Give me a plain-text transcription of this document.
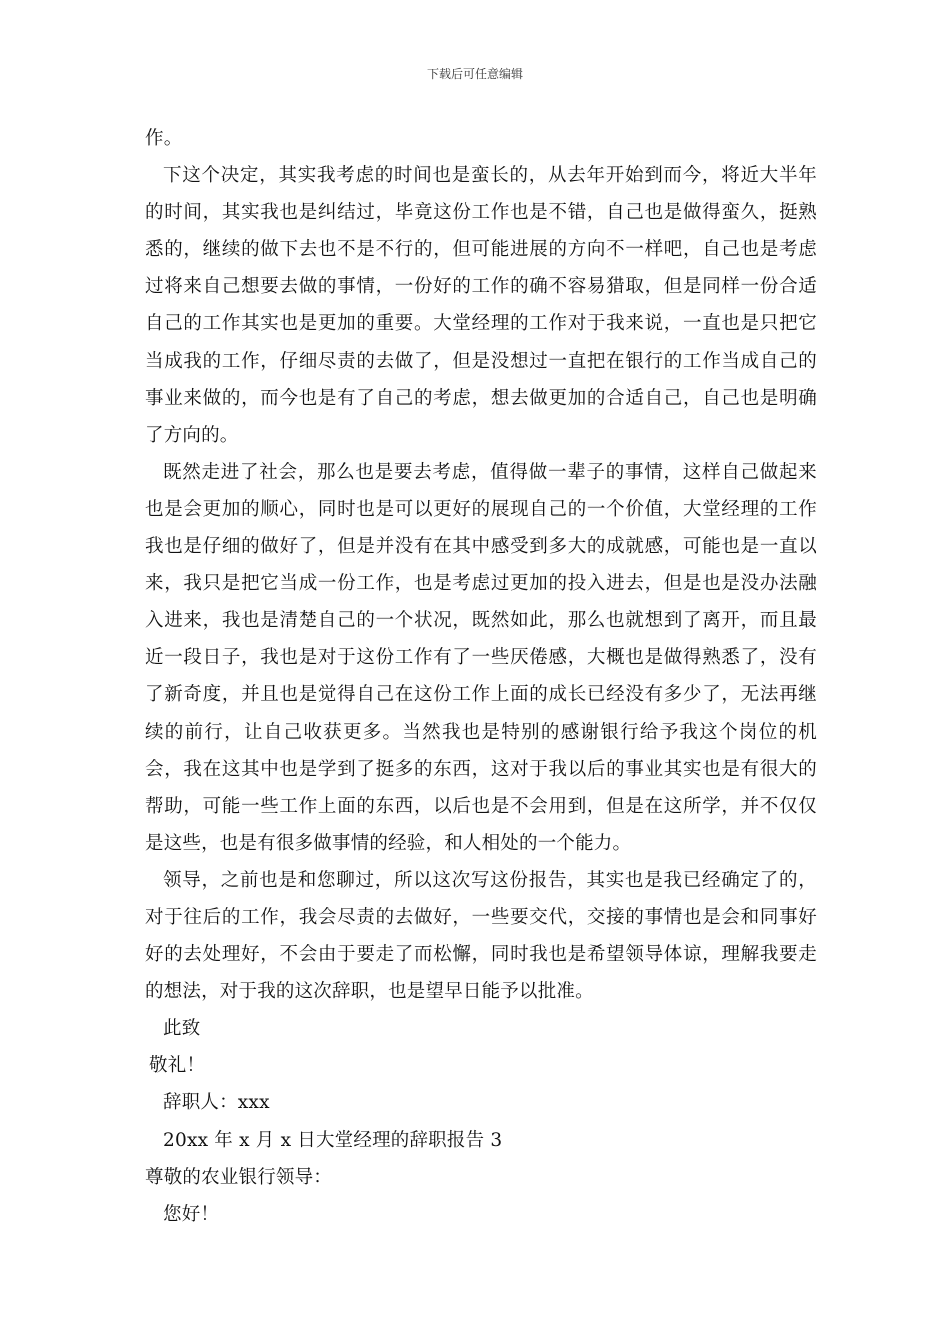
下载后可任意编辑

作。

下这个决定，其实我考虑的时间也是蛮长的，从去年开始到而今，将近大半年的时间，其实我也是纠结过，毕竟这份工作也是不错，自己也是做得蛮久，挺熟悉的，继续的做下去也不是不行的，但可能进展的方向不一样吧，自己也是考虑过将来自己想要去做的事情，一份好的工作的确不容易猎取，但是同样一份合适自己的工作其实也是更加的重要。大堂经理的工作对于我来说，一直也是只把它当成我的工作，仔细尽责的去做了，但是没想过一直把在银行的工作当成自己的事业来做的，而今也是有了自己的考虑，想去做更加的合适自己，自己也是明确了方向的。

既然走进了社会，那么也是要去考虑，值得做一辈子的事情，这样自己做起来也是会更加的顺心，同时也是可以更好的展现自己的一个价值，大堂经理的工作我也是仔细的做好了，但是并没有在其中感受到多大的成就感，可能也是一直以来，我只是把它当成一份工作，也是考虑过更加的投入进去，但是也是没办法融入进来，我也是清楚自己的一个状况，既然如此，那么也就想到了离开，而且最近一段日子，我也是对于这份工作有了一些厌倦感，大概也是做得熟悉了，没有了新奇度，并且也是觉得自己在这份工作上面的成长已经没有多少了，无法再继续的前行，让自己收获更多。当然我也是特别的感谢银行给予我这个岗位的机会，我在这其中也是学到了挺多的东西，这对于我以后的事业其实也是有很大的帮助，可能一些工作上面的东西，以后也是不会用到，但是在这所学，并不仅仅是这些，也是有很多做事情的经验，和人相处的一个能力。

领导，之前也是和您聊过，所以这次写这份报告，其实也是我已经确定了的，对于往后的工作，我会尽责的去做好，一些要交代，交接的事情也是会和同事好好的去处理好，不会由于要走了而松懈，同时我也是希望领导体谅，理解我要走的想法，对于我的这次辞职，也是望早日能予以批准。

此致

敬礼！

辞职人：xxx

20xx 年 x 月 x 日大堂经理的辞职报告 3

尊敬的农业银行领导：

您好！
